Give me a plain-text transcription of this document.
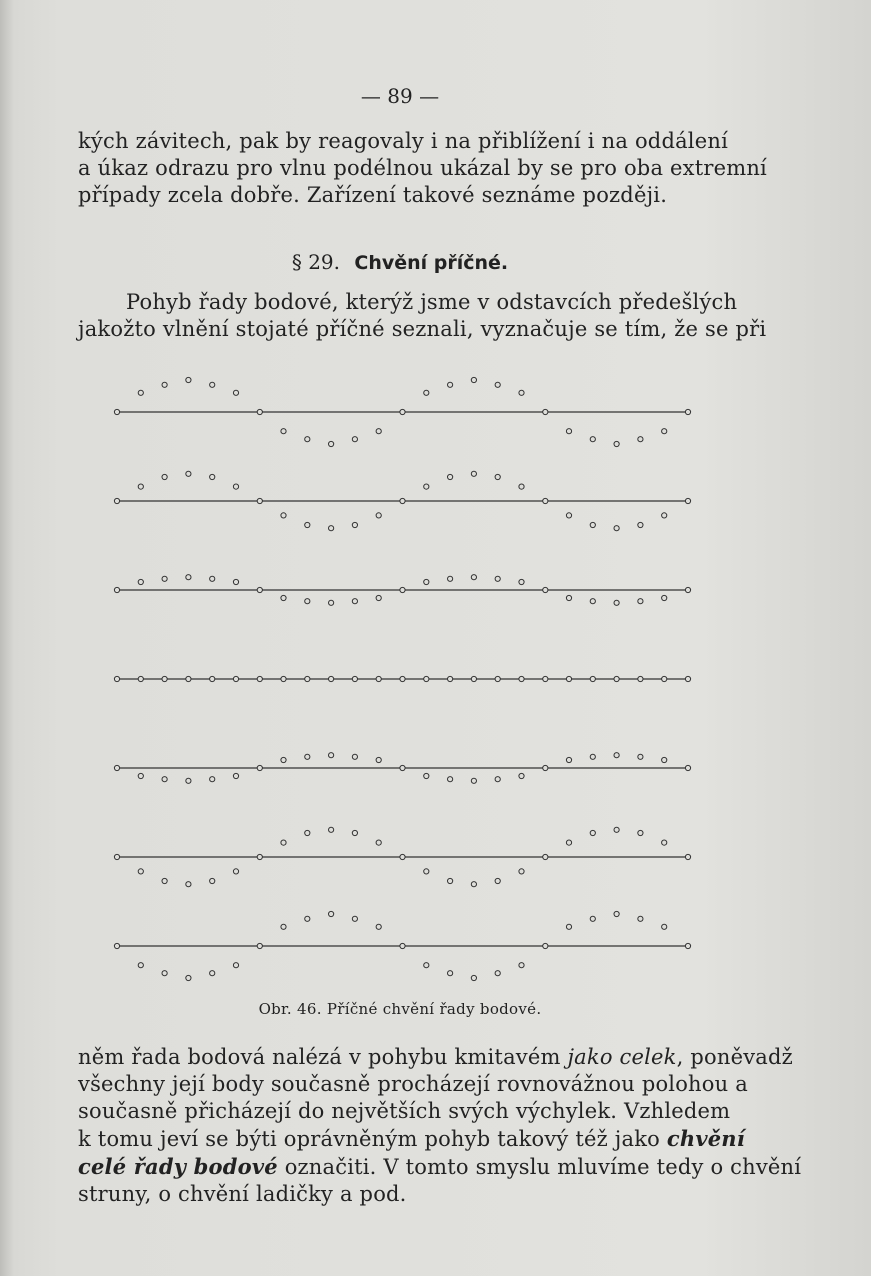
— 89 —
kých závitech, pak by reagovaly i na přiblížení i na oddálení
a úkaz odrazu pro vlnu podélnou ukázal by se pro oba extremní
případy zcela dobře. Zařízení takové seznáme později.
§ 29. Chvění příčné.
Pohyb řady bodové, kterýž jsme v odstavcích předešlých
jakožto vlnění stojaté příčné seznali, vyznačuje se tím, že se při
Obr. 46. Příčné chvění řady bodové.
něm řada bodová nalézá v pohybu kmitavém jako celek, poněvadž
všechny její body současně procházejí rovnovážnou polohou a
současně přicházejí do největších svých výchylek. Vzhledem
k tomu jeví se býti oprávněným pohyb takový též jako chvění
celé řady bodové označiti. V tomto smyslu mluvíme tedy o chvění
struny, o chvění ladičky a pod.
